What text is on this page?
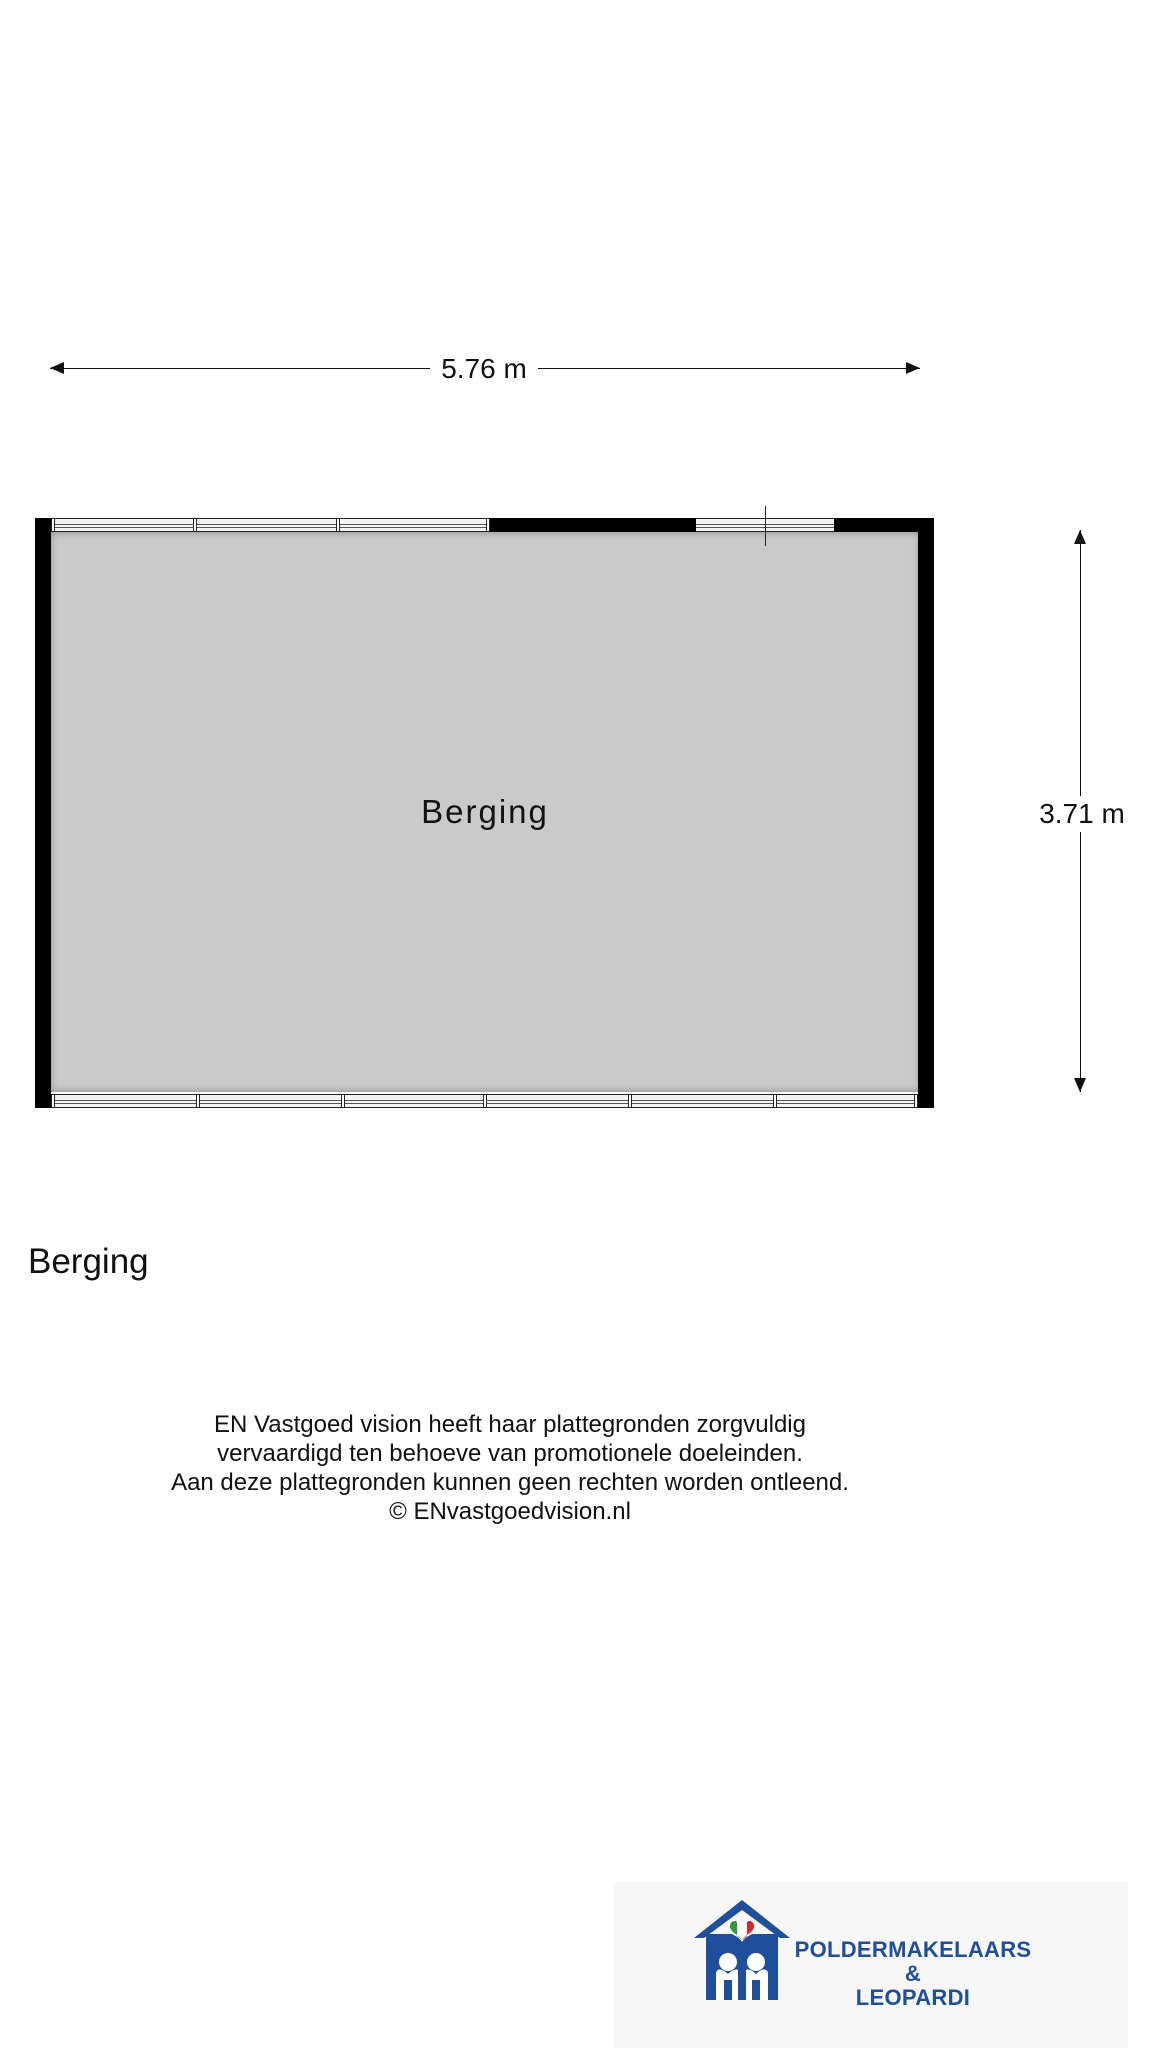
5.76 m
3.71 m
Berging
Berging
EN Vastgoed vision heeft haar plattegronden zorgvuldig
vervaardigd ten behoeve van promotionele doeleinden.
Aan deze plattegronden kunnen geen rechten worden ontleend.
© ENvastgoedvision.nl
POLDERMAKELAARS
&
LEOPARDI
